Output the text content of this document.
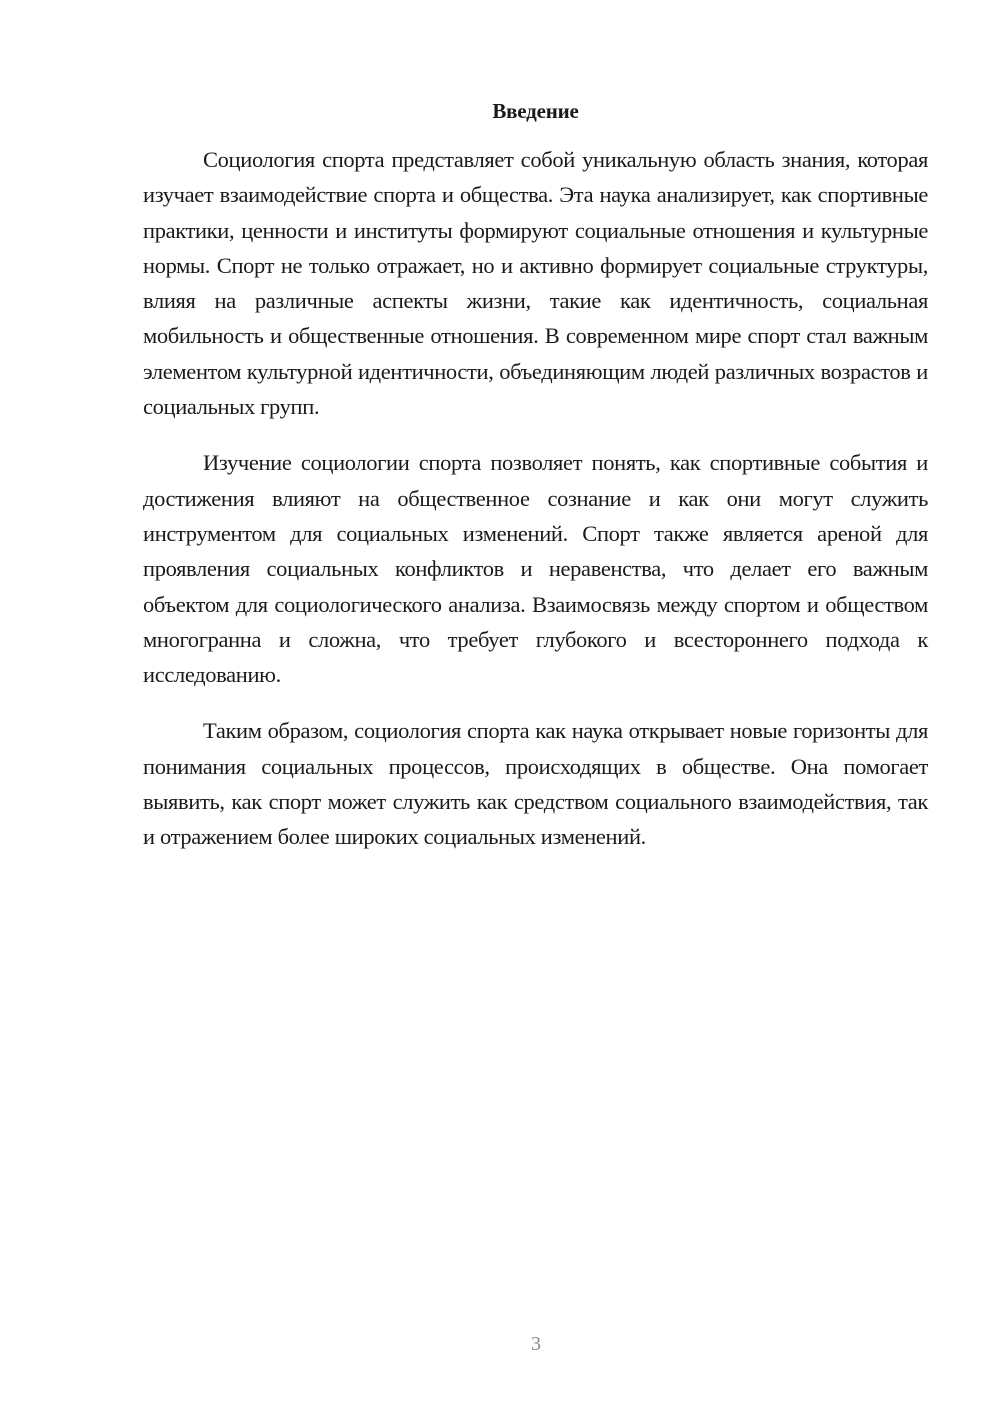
Введение

Социология спорта представляет собой уникальную область знания, которая изучает взаимодействие спорта и общества. Эта наука анализирует, как спортивные практики, ценности и институты формируют социальные отношения и культурные нормы. Спорт не только отражает, но и активно формирует социальные структуры, влияя на различные аспекты жизни, такие как идентичность, социальная мобильность и общественные отношения. В современном мире спорт стал важным элементом культурной идентичности, объединяющим людей различных возрастов и социальных групп.

Изучение социологии спорта позволяет понять, как спортивные события и достижения влияют на общественное сознание и как они могут служить инструментом для социальных изменений. Спорт также является ареной для проявления социальных конфликтов и неравенства, что делает его важным объектом для социологического анализа. Взаимосвязь между спортом и обществом многогранна и сложна, что требует глубокого и всестороннего подхода к исследованию.

Таким образом, социология спорта как наука открывает новые горизонты для понимания социальных процессов, происходящих в обществе. Она помогает выявить, как спорт может служить как средством социального взаимодействия, так и отражением более широких социальных изменений.

3
